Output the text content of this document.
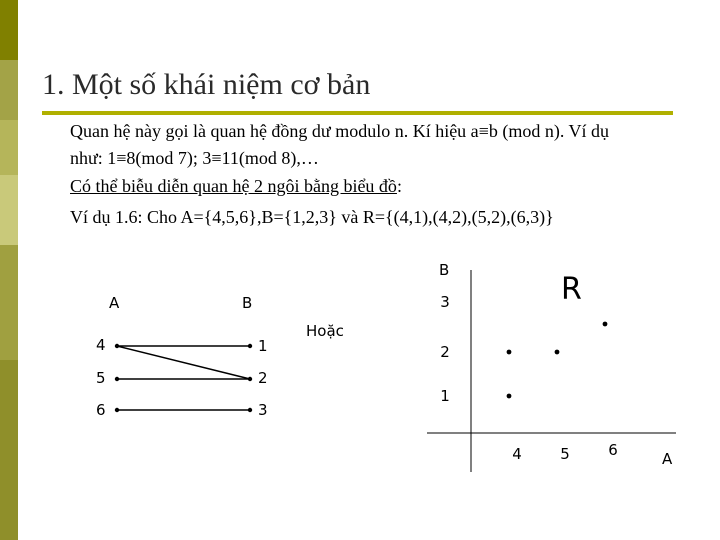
1. Một số khái niệm cơ bản
Quan hệ này gọi là quan hệ đồng dư modulo n. Kí hiệu a≡b (mod n). Ví dụ
như: 1≡8(mod 7); 3≡11(mod 8),…
Có thể biễu diễn quan hệ 2 ngôi bằng biểu đồ:
Ví dụ 1.6: Cho A={4,5,6},B={1,2,3} và R={(4,1),(4,2),(5,2),(6,3)}
A	B
4
5
6
1
2
3
Hoặc
B
R
A
4	5	6
1
2
3
